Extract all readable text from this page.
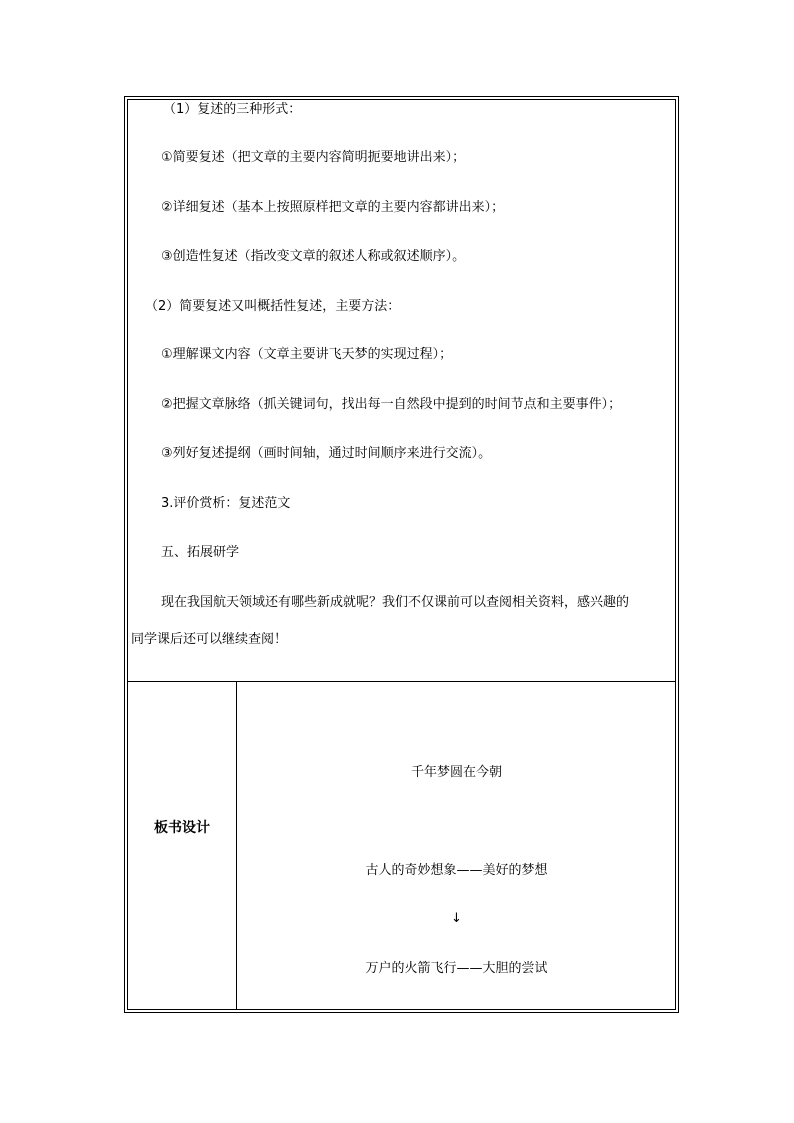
（1）复述的三种形式：
①简要复述（把文章的主要内容简明扼要地讲出来）；
②详细复述（基本上按照原样把文章的主要内容都讲出来）；
③创造性复述（指改变文章的叙述人称或叙述顺序）。
（2）简要复述又叫概括性复述，主要方法：
①理解课文内容（文章主要讲飞天梦的实现过程）；
②把握文章脉络（抓关键词句，找出每一自然段中提到的时间节点和主要事件）；
③列好复述提纲（画时间轴，通过时间顺序来进行交流）。
3.评价赏析：复述范文
五、拓展研学
现在我国航天领域还有哪些新成就呢？我们不仅课前可以查阅相关资料，感兴趣的
同学课后还可以继续查阅！
板书设计
千年梦圆在今朝
古人的奇妙想象——美好的梦想
↓
万户的火箭飞行——大胆的尝试
